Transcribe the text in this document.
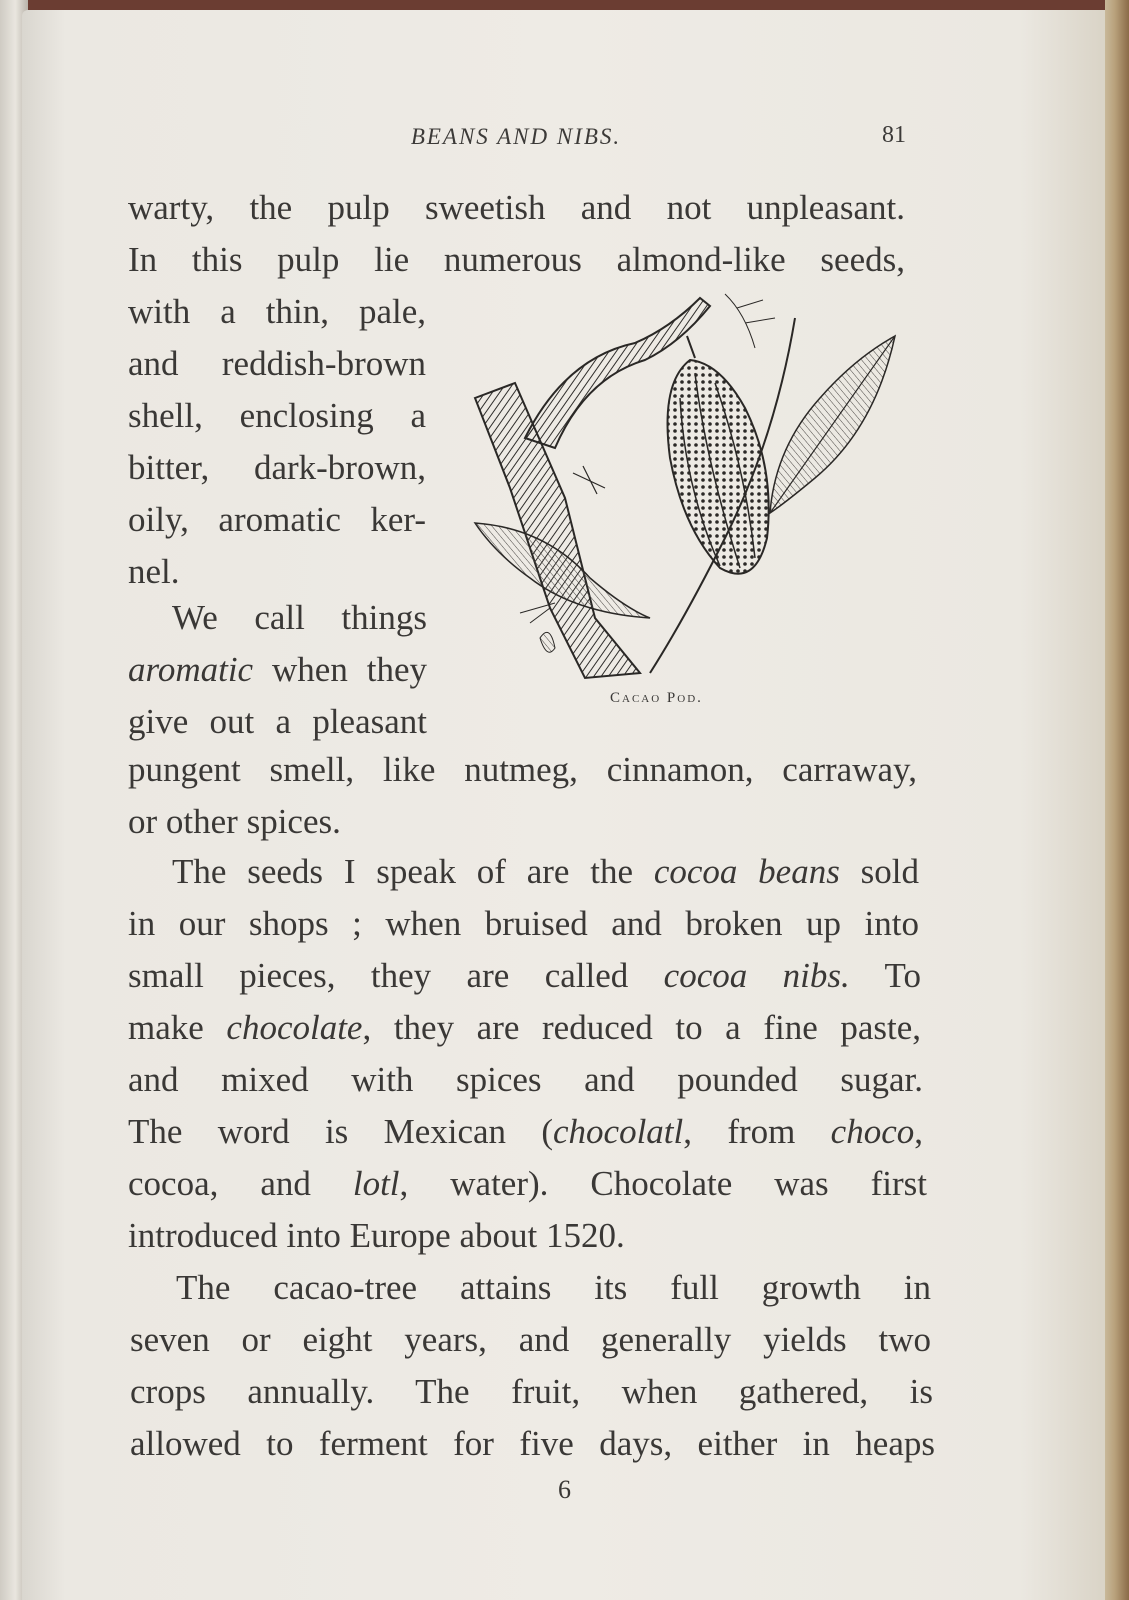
BEANS AND NIBS.	81
warty, the pulp sweetish and not unpleasant.
In this pulp lie numerous almond-like seeds,
with a thin, pale,
and reddish-brown
shell, enclosing a
bitter, dark-brown,
oily, aromatic ker-
nel.
We call things
aromatic when they
give out a pleasant
pungent smell, like nutmeg, cinnamon, carraway,
or other spices.
The seeds I speak of are the cocoa beans sold
in our shops ; when bruised and broken up into
small pieces, they are called cocoa nibs. To
make chocolate, they are reduced to a fine paste,
and mixed with spices and pounded sugar.
The word is Mexican (chocolatl, from choco,
cocoa, and lotl, water). Chocolate was first
introduced into Europe about 1520.
The cacao-tree attains its full growth in
seven or eight years, and generally yields two
crops annually. The fruit, when gathered, is
allowed to ferment for five days, either in heaps
Cacao Pod.
6
